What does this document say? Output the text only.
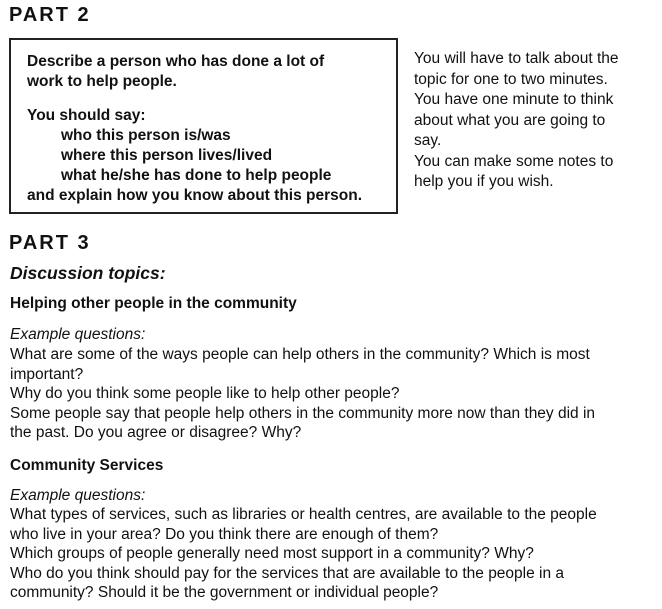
PART 2
Describe a person who has done a lot of
work to help people.
You should say:
who this person is/was
where this person lives/lived
what he/she has done to help people
and explain how you know about this person.
You will have to talk about the
topic for one to two minutes.
You have one minute to think
about what you are going to
say.
You can make some notes to
help you if you wish.
PART 3
Discussion topics:
Helping other people in the community
Example questions:
What are some of the ways people can help others in the community? Which is most
important?
Why do you think some people like to help other people?
Some people say that people help others in the community more now than they did in
the past. Do you agree or disagree? Why?
Community Services
Example questions:
What types of services, such as libraries or health centres, are available to the people
who live in your area? Do you think there are enough of them?
Which groups of people generally need most support in a community? Why?
Who do you think should pay for the services that are available to the people in a
community? Should it be the government or individual people?
